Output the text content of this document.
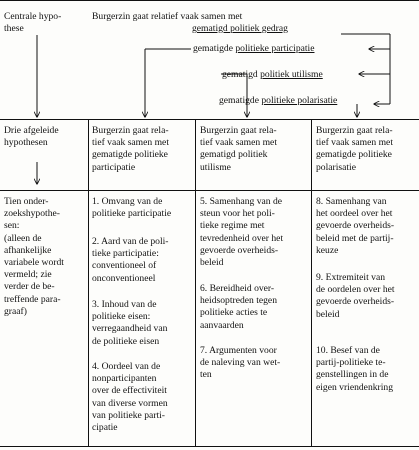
Centrale hypo-
these
Burgerzin gaat relatief vaak samen met
gematigd politiek gedrag
gematigde politieke participatie
gematigd politiek utilisme
gematigde politieke polarisatie
Drie afgeleide
hypothesen
Burgerzin gaat rela-
tief vaak samen met
gematigde politieke
participatie
Burgerzin gaat rela-
tief vaak samen met
gematigd politiek
utilisme
Burgerzin gaat rela-
tief vaak samen met
gematigde politieke
polarisatie
Tien onder-
zoekshypothe-
sen:
(alleen de
afhankelijke
variabele wordt
vermeld; zie
verder de be-
treffende para-
graaf)
1. Omvang van de
politieke participatie
2. Aard van de poli-
tieke participatie:
conventioneel of
onconventioneel
3. Inhoud van de
politieke eisen:
verregaandheid van
de politieke eisen
4. Oordeel van de
nonparticipanten
over de effectiviteit
van diverse vormen
van politieke parti-
cipatie
5. Samenhang van de
steun voor het poli-
tieke regime met
tevredenheid over het
gevoerde overheids-
beleid
6. Bereidheid over-
heidsoptreden tegen
politieke acties te
aanvaarden
7. Argumenten voor
de naleving van wet-
ten
8. Samenhang van
het oordeel over het
gevoerde overheids-
beleid met de partij-
keuze
9. Extremiteit van
de oordelen over het
gevoerde overheids-
beleid
10. Besef van de
partij-politieke te-
genstellingen in de
eigen vriendenkring
